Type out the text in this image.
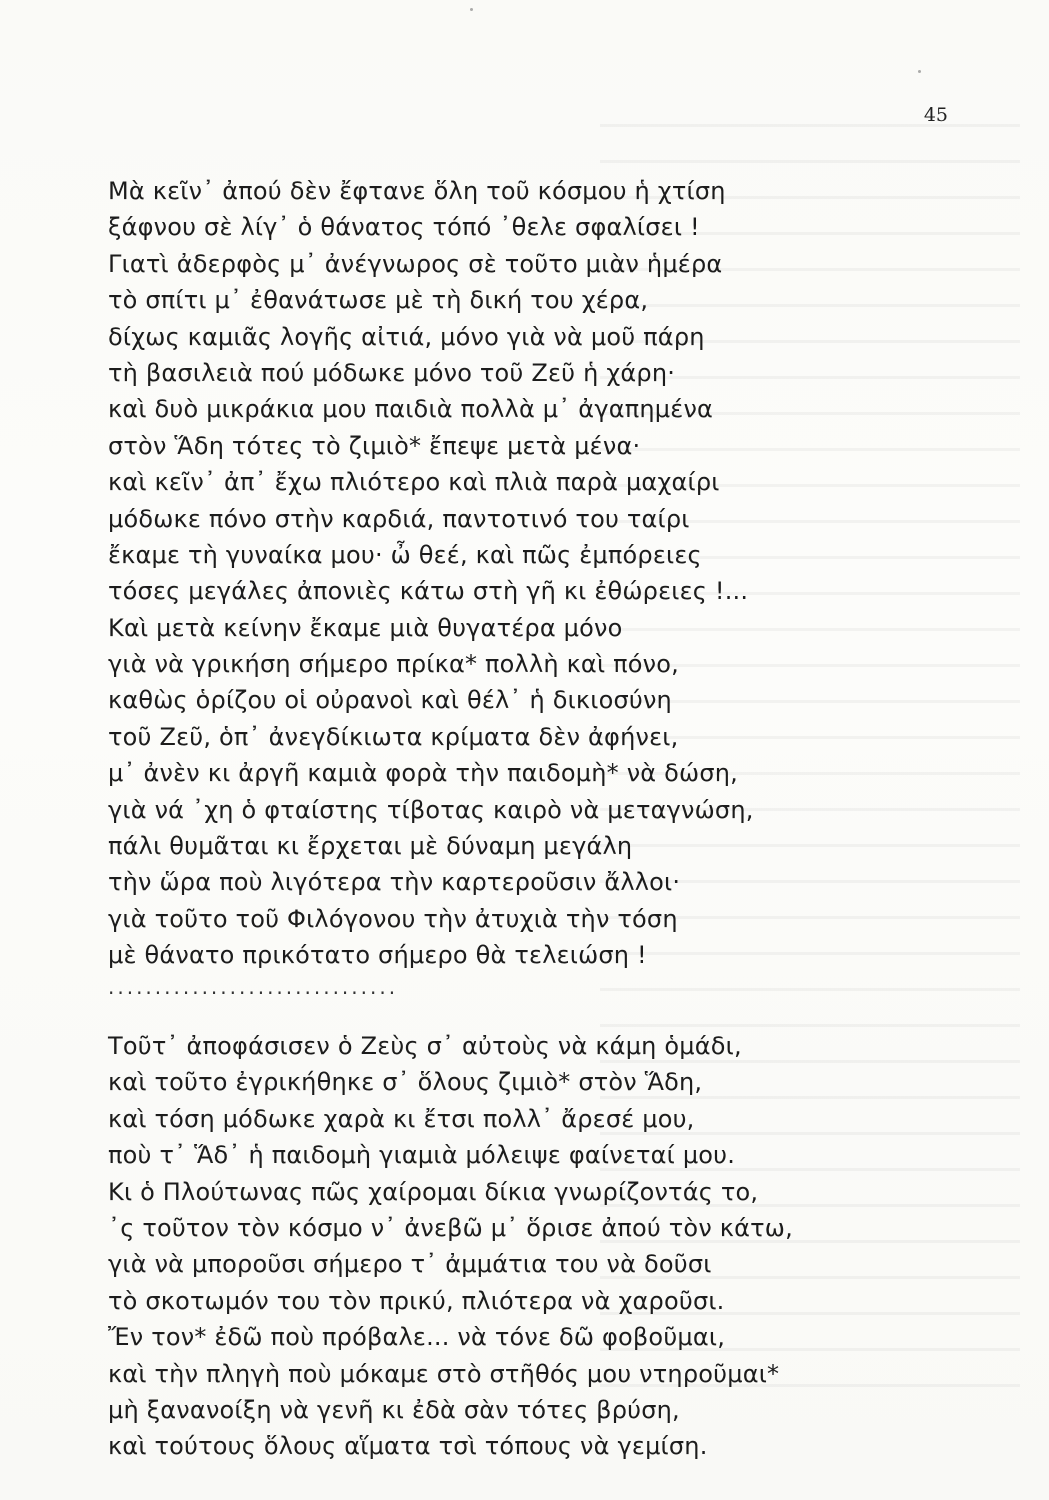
45
Μὰ κεῖν᾿ ἀπού δὲν ἔφτανε ὅλη τοῦ κόσμου ἡ χτίση
ξάφνου σὲ λίγ᾿ ὁ θάνατος τόπό ᾿θελε σφαλίσει !
Γιατὶ ἀδερφὸς μ᾿ ἀνέγνωρος σὲ τοῦτο μιὰν ἡμέρα
τὸ σπίτι μ᾿ ἐθανάτωσε μὲ τὴ δική του χέρα,
δίχως καμιᾶς λογῆς αἰτιά, μόνο γιὰ νὰ μοῦ πάρη
τὴ βασιλειὰ πού μόδωκε μόνο τοῦ Ζεῦ ἡ χάρη·
καὶ δυὸ μικράκια μου παιδιὰ πολλὰ μ᾿ ἀγαπημένα
στὸν Ἅδη τότες τὸ ζιμιὸ* ἔπεψε μετὰ μένα·
καὶ κεῖν᾿ ἀπ᾿ ἔχω πλιότερο καὶ πλιὰ παρὰ μαχαίρι
μόδωκε πόνο στὴν καρδιά, παντοτινό του ταίρι
ἔκαμε τὴ γυναίκα μου· ὦ θεέ, καὶ πῶς ἐμπόρειες
τόσες μεγάλες ἀπονιὲς κάτω στὴ γῆ κι ἐθώρειες !...
Καὶ μετὰ κείνην ἔκαμε μιὰ θυγατέρα μόνο
γιὰ νὰ γρικήση σήμερο πρίκα* πολλὴ καὶ πόνο,
καθὼς ὁρίζου οἱ οὐρανοὶ καὶ θέλ᾿ ἡ δικιοσύνη
τοῦ Ζεῦ, ὁπ᾿ ἀνεγδίκιωτα κρίματα δὲν ἀφήνει,
μ᾿ ἀνὲν κι ἀργῆ καμιὰ φορὰ τὴν παιδομὴ* νὰ δώση,
γιὰ νά ᾿χη ὁ φταίστης τίβοτας καιρὸ νὰ μεταγνώση,
πάλι θυμᾶται κι ἔρχεται μὲ δύναμη μεγάλη
τὴν ὥρα ποὺ λιγότερα τὴν καρτεροῦσιν ἄλλοι·
γιὰ τοῦτο τοῦ Φιλόγονου τὴν ἀτυχιὰ τὴν τόση
μὲ θάνατο πρικότατο σήμερο θὰ τελειώση !
...............................
Τοῦτ᾿ ἀποφάσισεν ὁ Ζεὺς σ᾿ αὐτοὺς νὰ κάμη ὁμάδι,
καὶ τοῦτο ἐγρικήθηκε σ᾿ ὅλους ζιμιὸ* στὸν Ἅδη,
καὶ τόση μόδωκε χαρὰ κι ἔτσι πολλ᾿ ἄρεσέ μου,
ποὺ τ᾿ Ἅδ᾿ ἡ παιδομὴ γιαμιὰ μόλειψε φαίνεταί μου.
Κι ὁ Πλούτωνας πῶς χαίρομαι δίκια γνωρίζοντάς το,
᾿ς τοῦτον τὸν κόσμο ν᾿ ἀνεβῶ μ᾿ ὅρισε ἀπού τὸν κάτω,
γιὰ νὰ μποροῦσι σήμερο τ᾿ ἀμμάτια του νὰ δοῦσι
τὸ σκοτωμόν του τὸν πρικύ, πλιότερα νὰ χαροῦσι.
Ἔν τον* ἐδῶ ποὺ πρόβαλε... νὰ τόνε δῶ φοβοῦμαι,
καὶ τὴν πληγὴ ποὺ μόκαμε στὸ στῆθός μου ντηροῦμαι*
μὴ ξανανοίξη νὰ γενῆ κι ἐδὰ σὰν τότες βρύση,
καὶ τούτους ὅλους αἵματα τσὶ τόπους νὰ γεμίση.
